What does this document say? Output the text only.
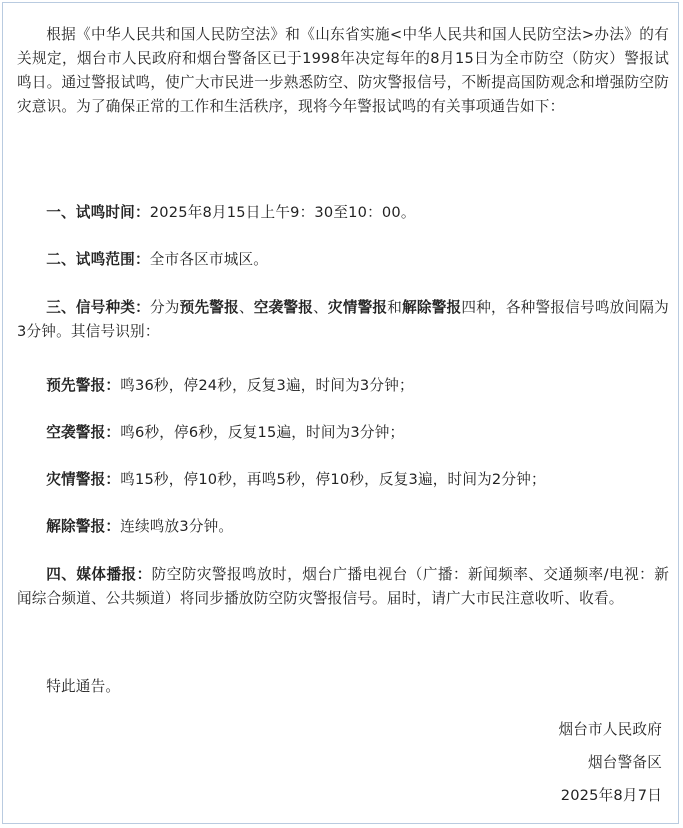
根据《中华人民共和国人民防空法》和《山东省实施<中华人民共和国人民防空法>办法》的有关规定，烟台市人民政府和烟台警备区已于1998年决定每年的8月15日为全市防空（防灾）警报试鸣日。通过警报试鸣，使广大市民进一步熟悉防空、防灾警报信号，不断提高国防观念和增强防空防灾意识。为了确保正常的工作和生活秩序，现将今年警报试鸣的有关事项通告如下：

一、试鸣时间：2025年8月15日上午9：30至10：00。

二、试鸣范围：全市各区市城区。

三、信号种类：分为预先警报、空袭警报、灾情警报和解除警报四种，各种警报信号鸣放间隔为3分钟。其信号识别：

预先警报：鸣36秒，停24秒，反复3遍，时间为3分钟；

空袭警报：鸣6秒，停6秒，反复15遍，时间为3分钟；

灾情警报：鸣15秒，停10秒，再鸣5秒，停10秒，反复3遍，时间为2分钟；

解除警报：连续鸣放3分钟。

四、媒体播报：防空防灾警报鸣放时，烟台广播电视台（广播：新闻频率、交通频率/电视：新闻综合频道、公共频道）将同步播放防空防灾警报信号。届时，请广大市民注意收听、收看。

特此通告。

烟台市人民政府
烟台警备区
2025年8月7日
